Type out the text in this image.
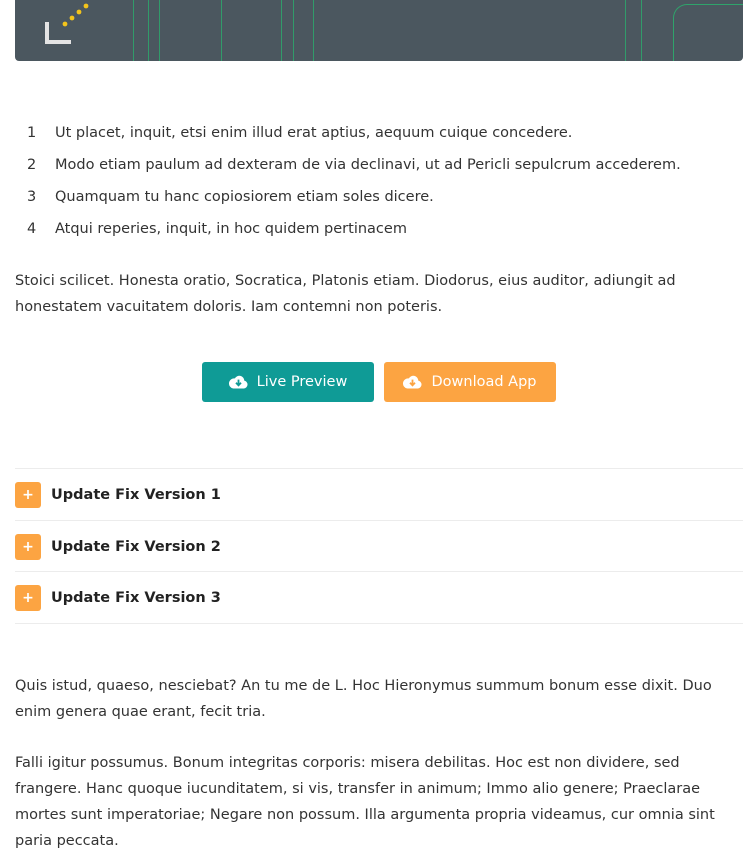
1	Ut placet, inquit, etsi enim illud erat aptius, aequum cuique concedere.
2	Modo etiam paulum ad dexteram de via declinavi, ut ad Pericli sepulcrum accederem.
3	Quamquam tu hanc copiosiorem etiam soles dicere.
4	Atqui reperies, inquit, in hoc quidem pertinacem

Stoici scilicet. Honesta oratio, Socratica, Platonis etiam. Diodorus, eius auditor, adiungit ad honestatem vacuitatem doloris. Iam contemni non poteris.

Live Preview	Download App
+	Update Fix Version 1
+	Update Fix Version 2
+	Update Fix Version 3

Quis istud, quaeso, nesciebat? An tu me de L. Hoc Hieronymus summum bonum esse dixit. Duo enim genera quae erant, fecit tria.

Falli igitur possumus. Bonum integritas corporis: misera debilitas. Hoc est non dividere, sed frangere. Hanc quoque iucunditatem, si vis, transfer in animum; Immo alio genere; Praeclarae mortes sunt imperatoriae; Negare non possum. Illa argumenta propria videamus, cur omnia sint paria peccata.
